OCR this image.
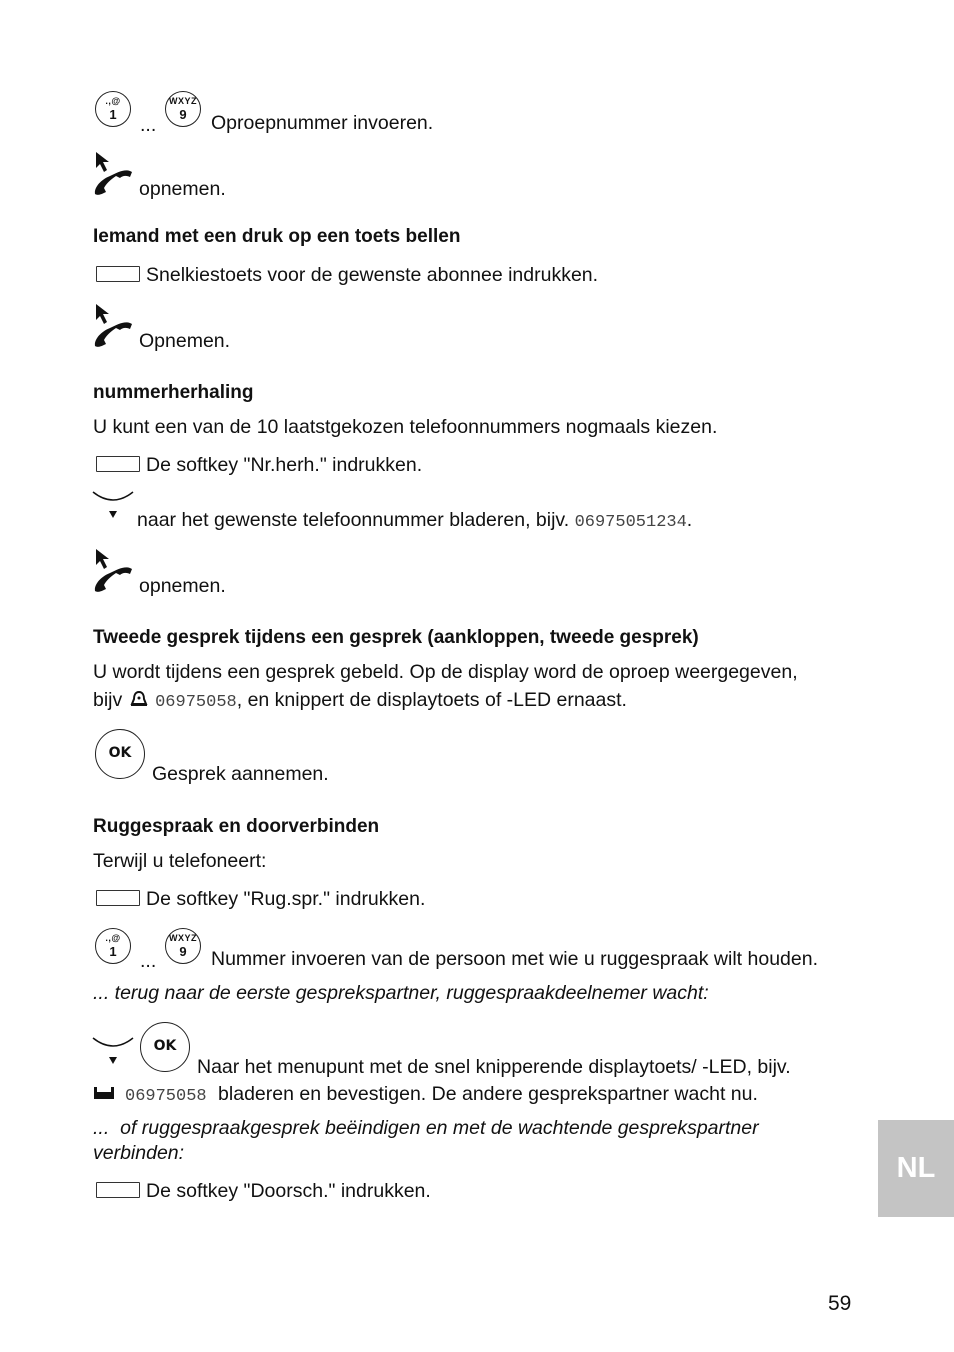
.,@
1	...
WXYZ
9	Oproepnummer invoeren.
opnemen.
Iemand met een druk op een toets bellen
Snelkiestoets voor de gewenste abonnee indrukken.
Opnemen.
nummerherhaling
U kunt een van de 10 laatstgekozen telefoonnummers nogmaals kiezen.
De softkey "Nr.herh." indrukken.
naar het gewenste telefoonnummer bladeren, bijv. 06975051234.
opnemen.
Tweede gesprek tijdens een gesprek (aankloppen, tweede gesprek)
U wordt tijdens een gesprek gebeld. Op de display word de oproep weergegeven,
bijv 06975058, en knippert de displaytoets of -LED ernaast.
OK
Gesprek aannemen.
Ruggespraak en doorverbinden
Terwijl u telefoneert:
De softkey "Rug.spr." indrukken.
.,@
1	...
WXYZ
9	Nummer invoeren van de persoon met wie u ruggespraak wilt houden.
... terug naar de eerste gesprekspartner, ruggespraakdeelnemer wacht:
OK
Naar het menupunt met de snel knipperende displaytoets/ -LED, bijv.
06975058 bladeren en bevestigen. De andere gesprekspartner wacht nu.
... of ruggespraakgesprek beëindigen en met de wachtende gesprekspartner
verbinden:
De softkey "Doorsch." indrukken.
NL
59
